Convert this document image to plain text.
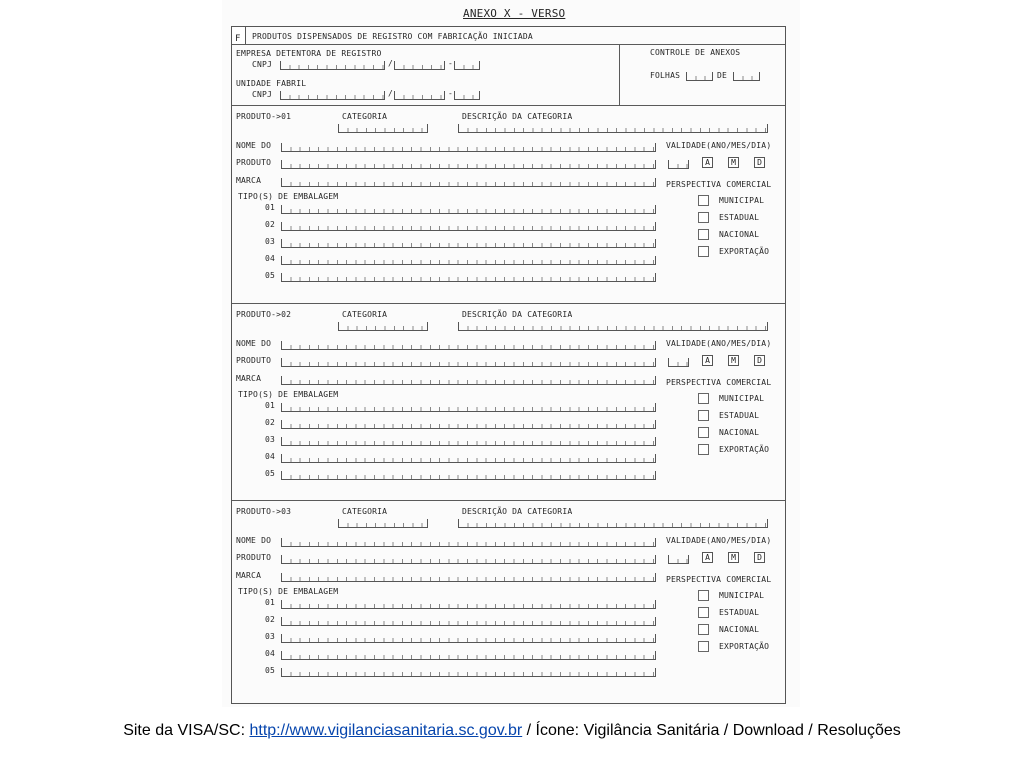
ANEXO X - VERSO
F PRODUTOS DISPENSADOS DE REGISTRO COM FABRICAÇÃO INICIADA
EMPRESA DETENTORA DE REGISTRO
CNPJ	/	-
UNIDADE FABRIL
CNPJ	/	-
CONTROLE DE ANEXOS
FOLHAS	DE
PRODUTO->01	CATEGORIA	DESCRIÇÃO DA CATEGORIA
NOME DO
PRODUTO
MARCA
TIPO(S) DE EMBALAGEM
01
02
03
04
05
VALIDADE(ANO/MES/DIA)
A	M	D
PERSPECTIVA COMERCIAL
MUNICIPAL
ESTADUAL
NACIONAL
EXPORTAÇÃO
PRODUTO->02	CATEGORIA	DESCRIÇÃO DA CATEGORIA
NOME DO
PRODUTO
MARCA
TIPO(S) DE EMBALAGEM
01
02
03
04
05
VALIDADE(ANO/MES/DIA)
A	M	D
PERSPECTIVA COMERCIAL
MUNICIPAL
ESTADUAL
NACIONAL
EXPORTAÇÃO
PRODUTO->03	CATEGORIA	DESCRIÇÃO DA CATEGORIA
NOME DO
PRODUTO
MARCA
TIPO(S) DE EMBALAGEM
01
02
03
04
05
VALIDADE(ANO/MES/DIA)
A	M	D
PERSPECTIVA COMERCIAL
MUNICIPAL
ESTADUAL
NACIONAL
EXPORTAÇÃO
Site da VISA/SC: http://www.vigilanciasanitaria.sc.gov.br / Ícone: Vigilância Sanitária / Download / Resoluções
